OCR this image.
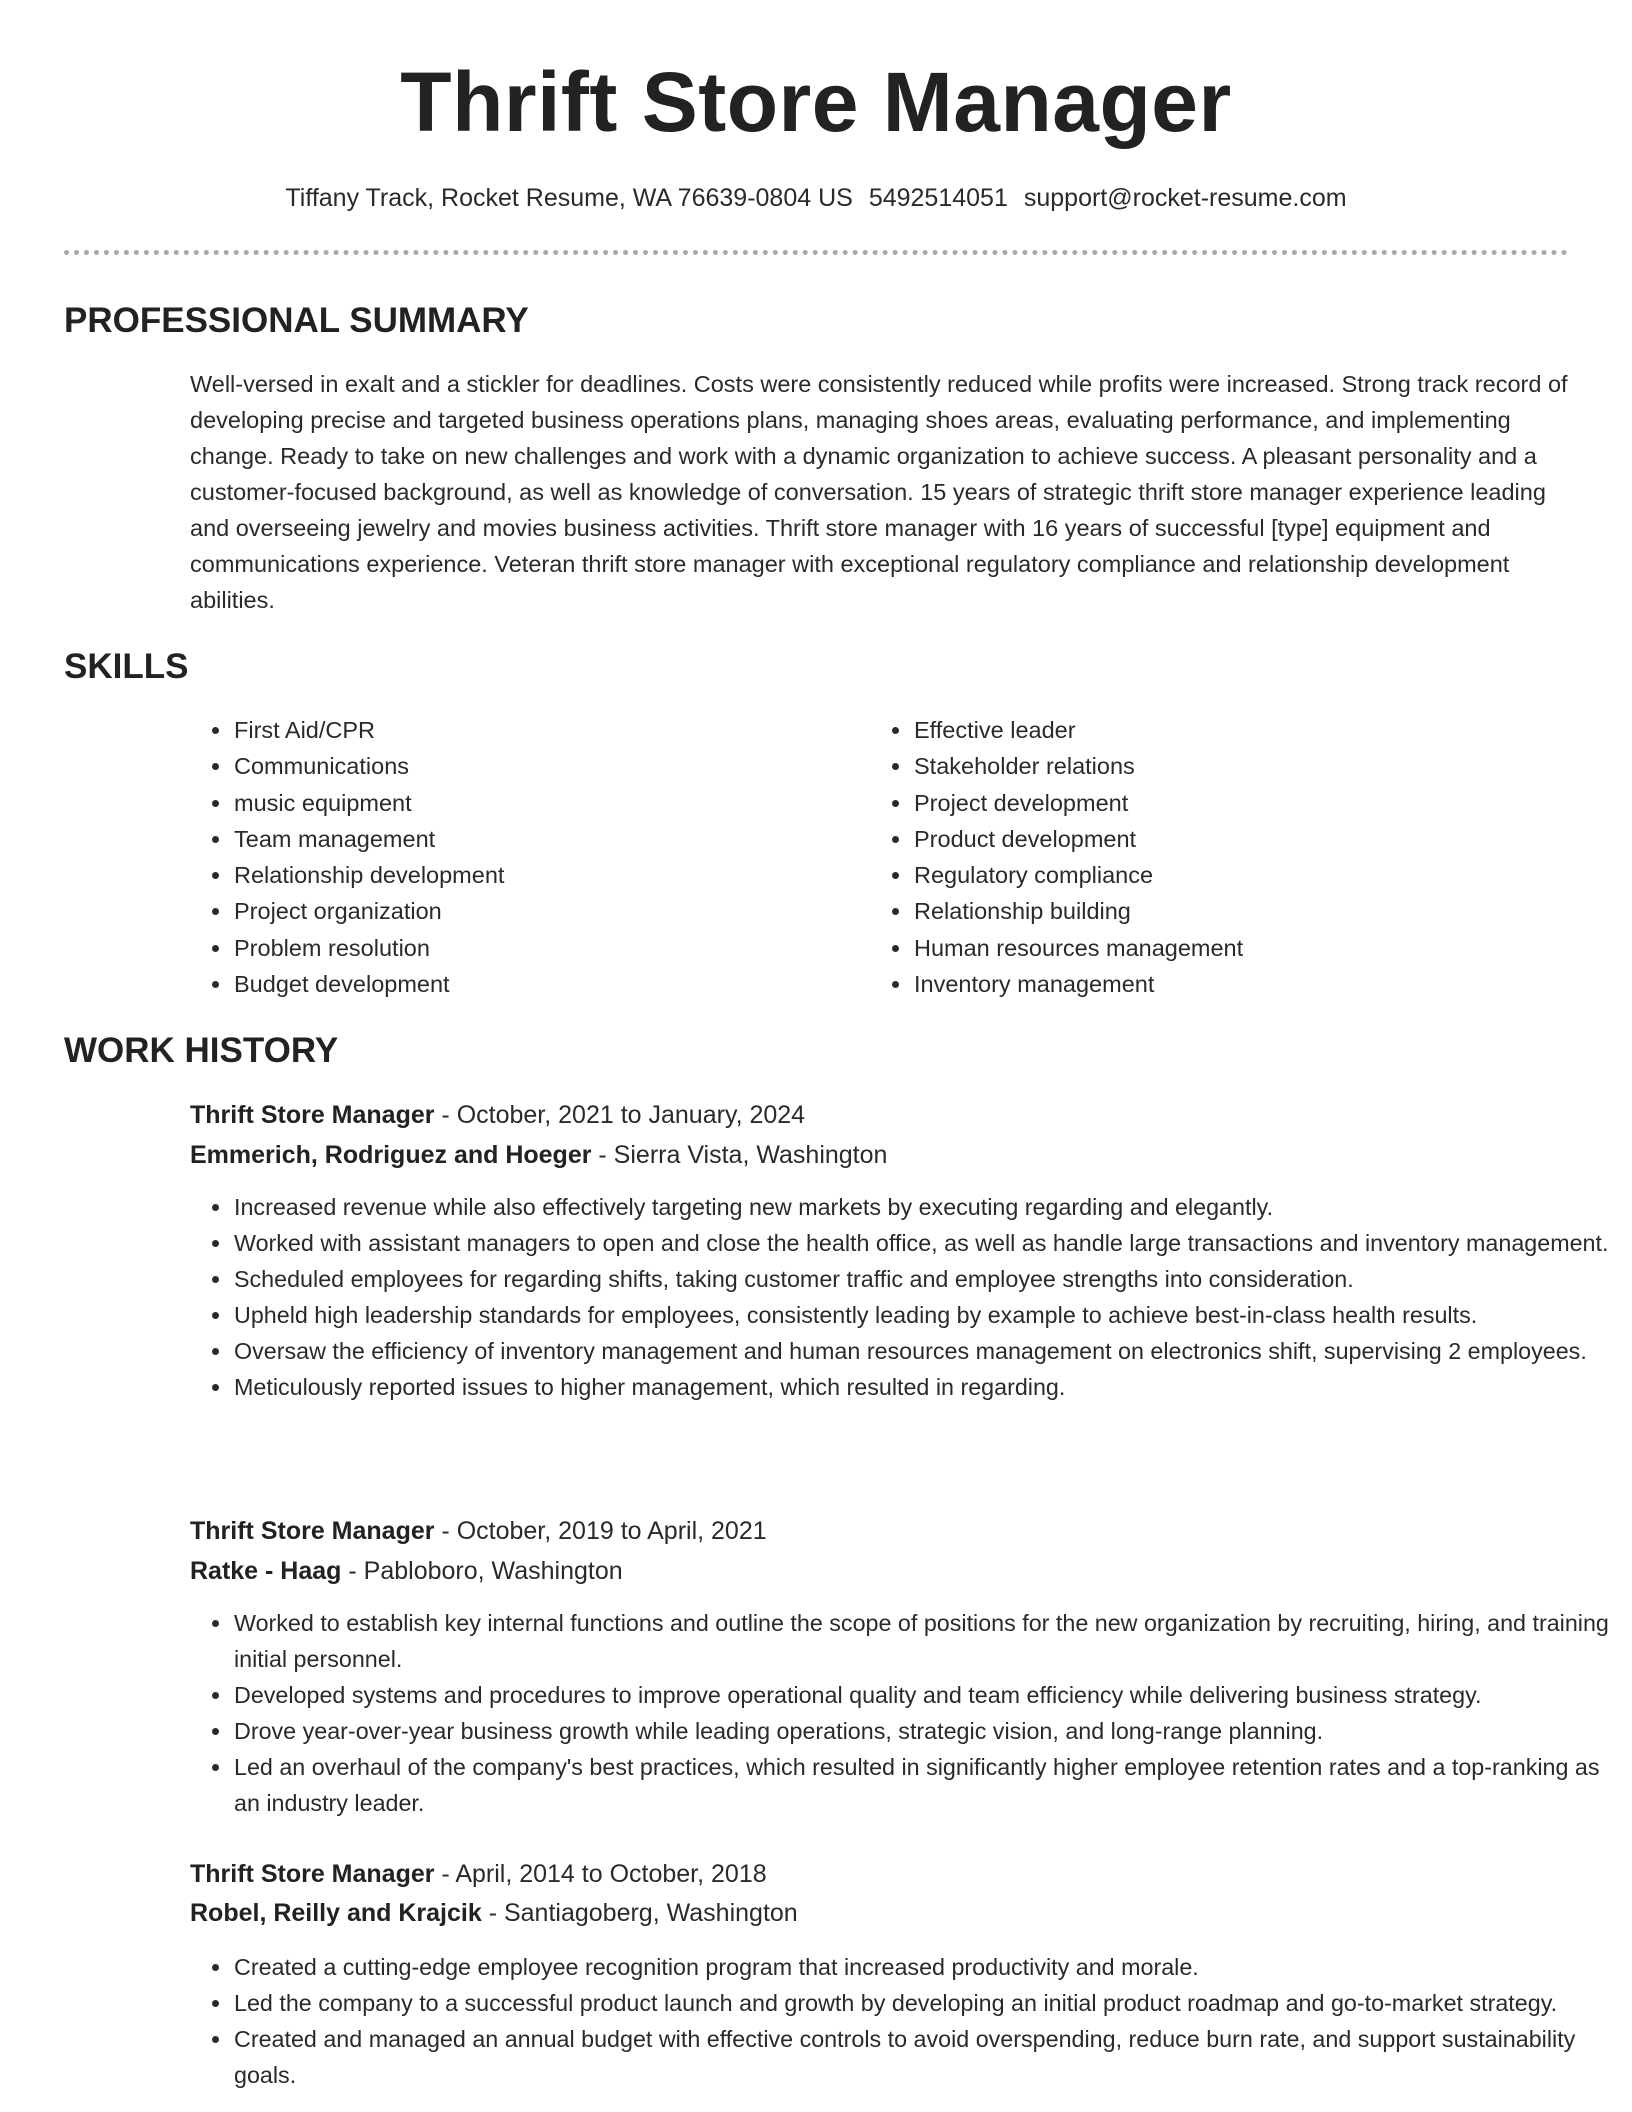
Thrift Store Manager
Tiffany Track, Rocket Resume, WA 76639-0804 US 5492514051 support@rocket-resume.com
PROFESSIONAL SUMMARY

Well-versed in exalt and a stickler for deadlines. Costs were consistently reduced while profits were increased. Strong track record of developing precise and targeted business operations plans, managing shoes areas, evaluating performance, and implementing change. Ready to take on new challenges and work with a dynamic organization to achieve success. A pleasant personality and a customer-focused background, as well as knowledge of conversation. 15 years of strategic thrift store manager experience leading and overseeing jewelry and movies business activities. Thrift store manager with 16 years of successful [type] equipment and communications experience. Veteran thrift store manager with exceptional regulatory compliance and relationship development abilities.

SKILLS
• First Aid/CPR
• Communications
• music equipment
• Team management
• Relationship development
• Project organization
• Problem resolution
• Budget development
• Effective leader
• Stakeholder relations
• Project development
• Product development
• Regulatory compliance
• Relationship building
• Human resources management
• Inventory management
WORK HISTORY
Thrift Store Manager - October, 2021 to January, 2024
Emmerich, Rodriguez and Hoeger - Sierra Vista, Washington
• Increased revenue while also effectively targeting new markets by executing regarding and elegantly.
• Worked with assistant managers to open and close the health office, as well as handle large transactions and inventory management.
• Scheduled employees for regarding shifts, taking customer traffic and employee strengths into consideration.
• Upheld high leadership standards for employees, consistently leading by example to achieve best-in-class health results.
• Oversaw the efficiency of inventory management and human resources management on electronics shift, supervising 2 employees.
• Meticulously reported issues to higher management, which resulted in regarding.
Thrift Store Manager - October, 2019 to April, 2021
Ratke - Haag - Pabloboro, Washington
• Worked to establish key internal functions and outline the scope of positions for the new organization by recruiting, hiring, and training initial personnel.
• Developed systems and procedures to improve operational quality and team efficiency while delivering business strategy.
• Drove year-over-year business growth while leading operations, strategic vision, and long-range planning.
• Led an overhaul of the company's best practices, which resulted in significantly higher employee retention rates and a top-ranking as an industry leader.
Thrift Store Manager - April, 2014 to October, 2018
Robel, Reilly and Krajcik - Santiagoberg, Washington
• Created a cutting-edge employee recognition program that increased productivity and morale.
• Led the company to a successful product launch and growth by developing an initial product roadmap and go-to-market strategy.
• Created and managed an annual budget with effective controls to avoid overspending, reduce burn rate, and support sustainability goals.
